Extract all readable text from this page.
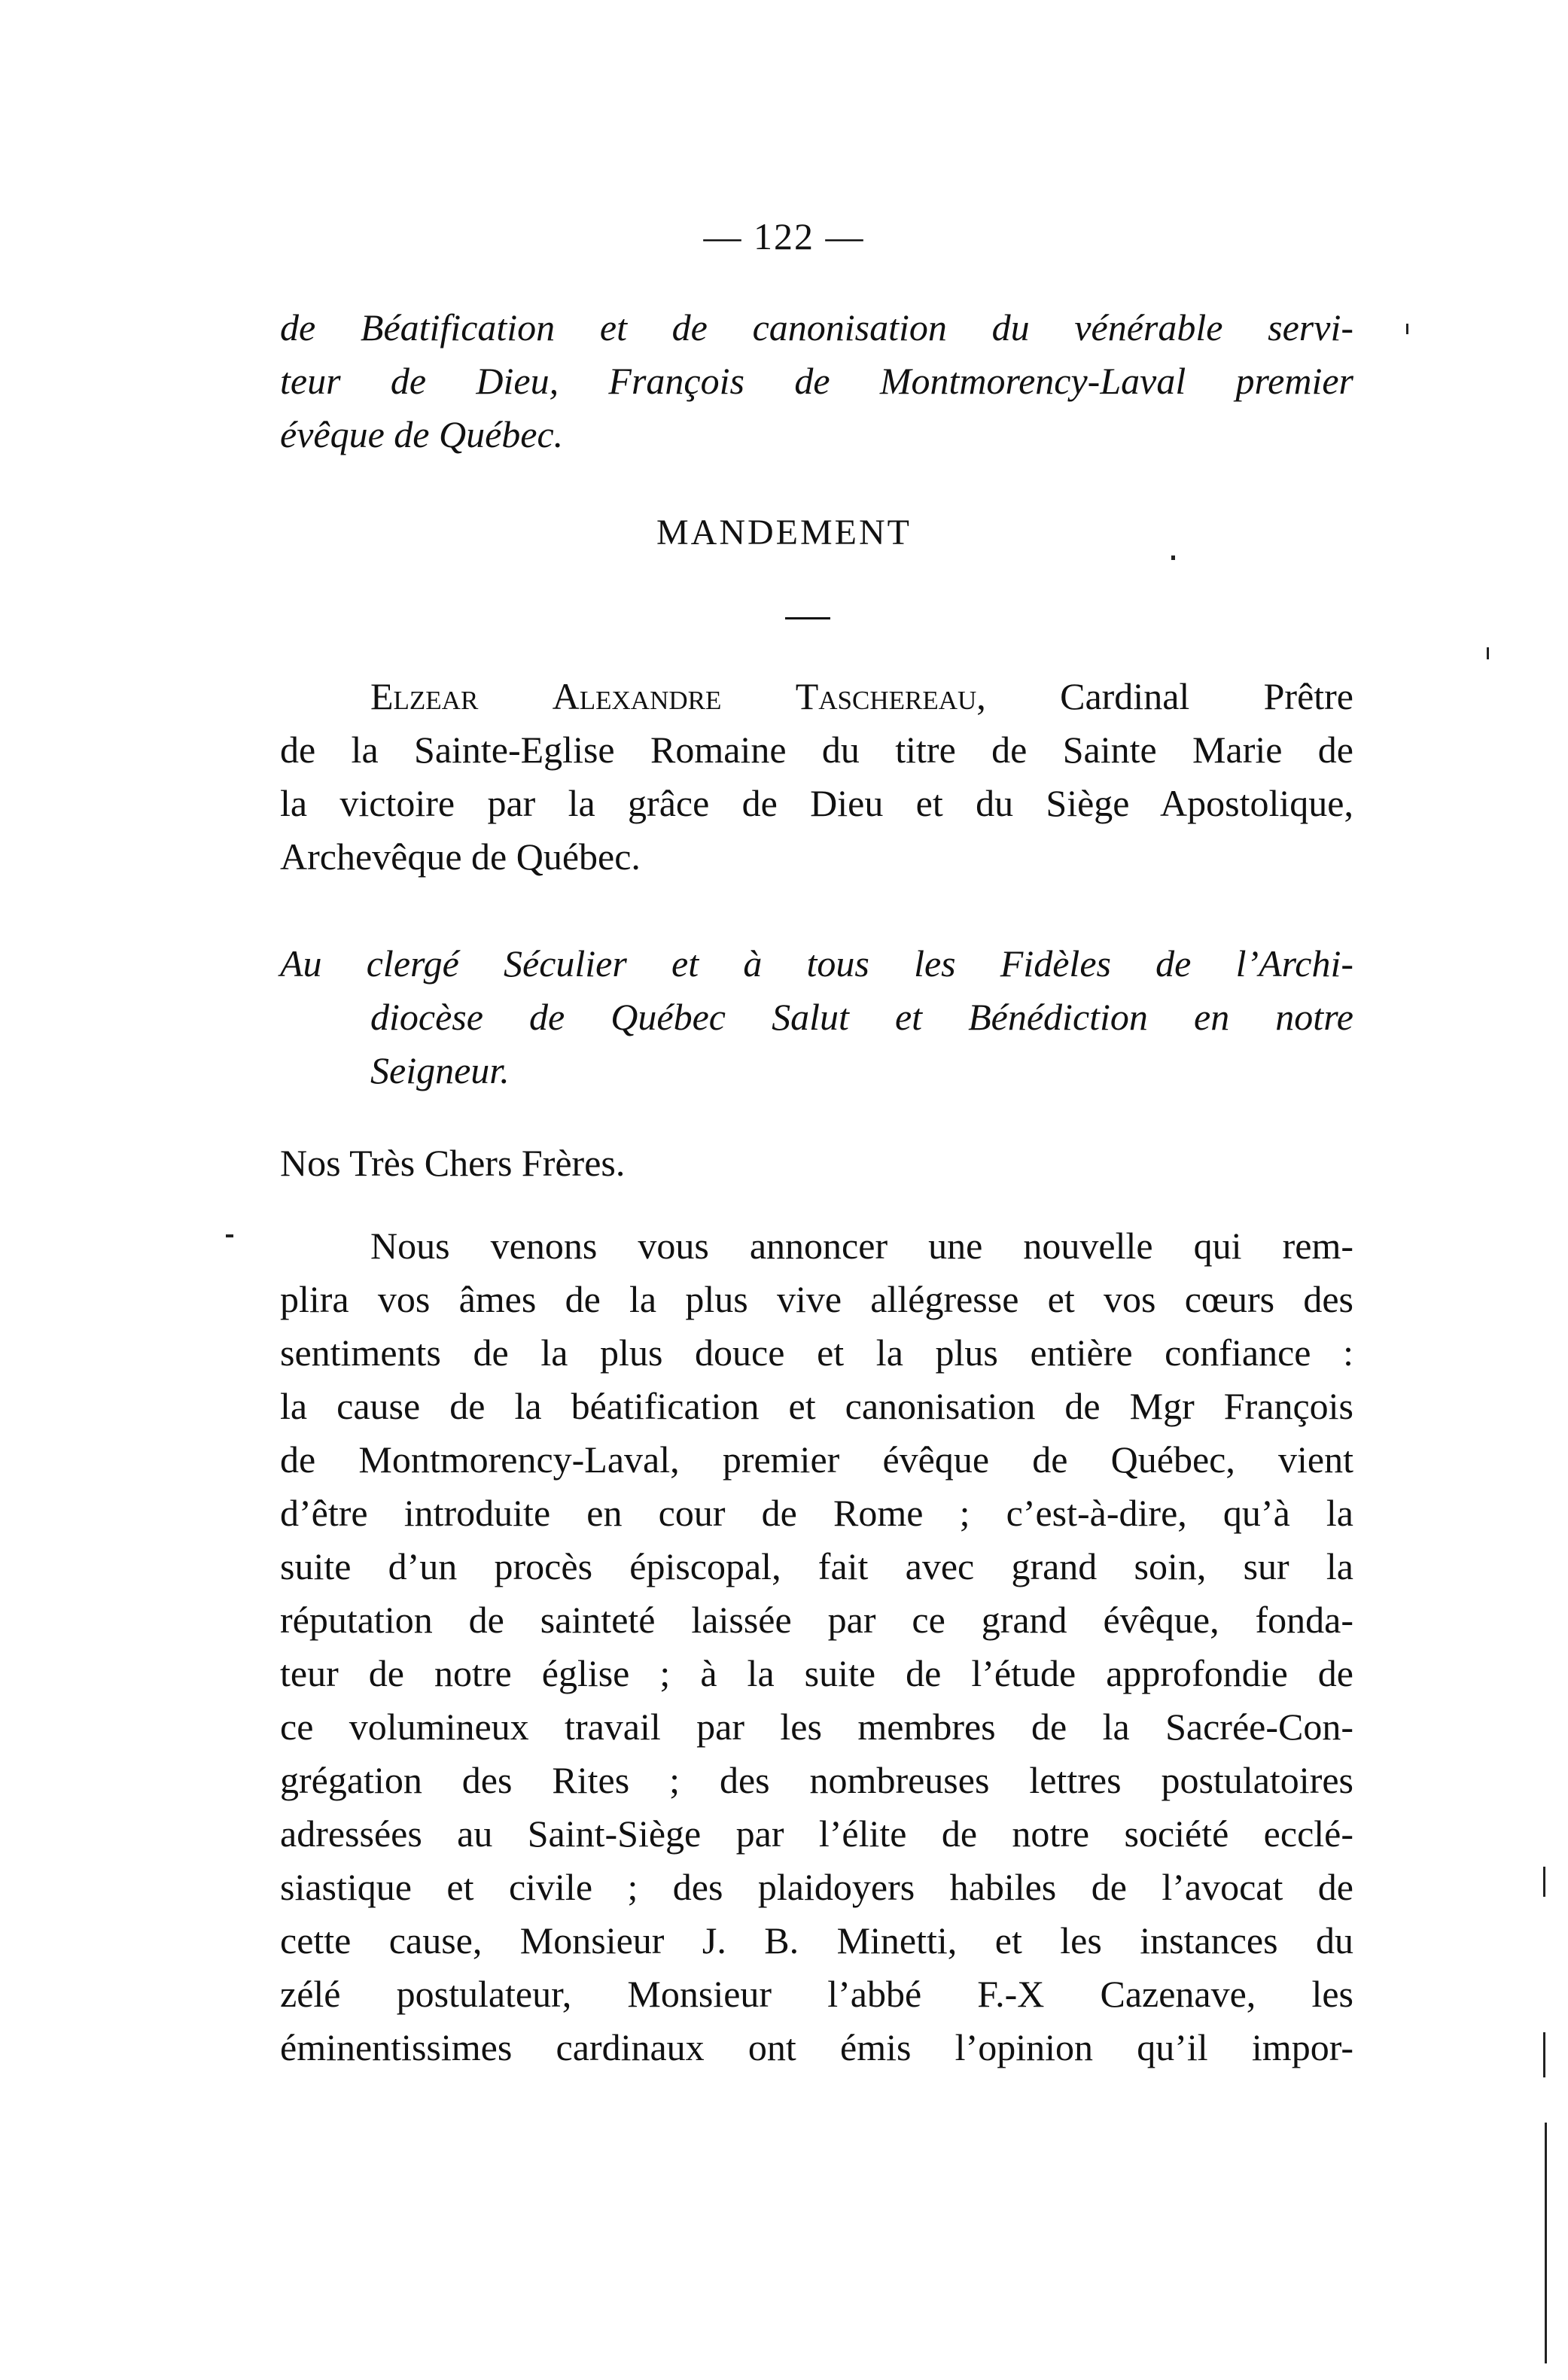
— 122 —
de Béatification et de canonisation du vénérable servi-
teur de Dieu, François de Montmorency-Laval premier
évêque de Québec.
MANDEMENT
Elzear Alexandre Taschereau, Cardinal Prêtre
de la Sainte-Eglise Romaine du titre de Sainte Marie de
la victoire par la grâce de Dieu et du Siège Apostolique,
Archevêque de Québec.
Au clergé Séculier et à tous les Fidèles de l’Archi-
diocèse de Québec Salut et Bénédiction en notre
Seigneur.
Nos Très Chers Frères.
Nous venons vous annoncer une nouvelle qui rem-
plira vos âmes de la plus vive allégresse et vos cœurs des
sentiments de la plus douce et la plus entière confiance :
la cause de la béatification et canonisation de Mgr François
de Montmorency-Laval, premier évêque de Québec, vient
d’être introduite en cour de Rome ; c’est-à-dire, qu’à la
suite d’un procès épiscopal, fait avec grand soin, sur la
réputation de sainteté laissée par ce grand évêque, fonda-
teur de notre église ; à la suite de l’étude approfondie de
ce volumineux travail par les membres de la Sacrée-Con-
grégation des Rites ; des nombreuses lettres postulatoires
adressées au Saint-Siège par l’élite de notre société ecclé-
siastique et civile ; des plaidoyers habiles de l’avocat de
cette cause, Monsieur J. B. Minetti, et les instances du
zélé postulateur, Monsieur l’abbé F.-X Cazenave, les
éminentissimes cardinaux ont émis l’opinion qu’il impor-
